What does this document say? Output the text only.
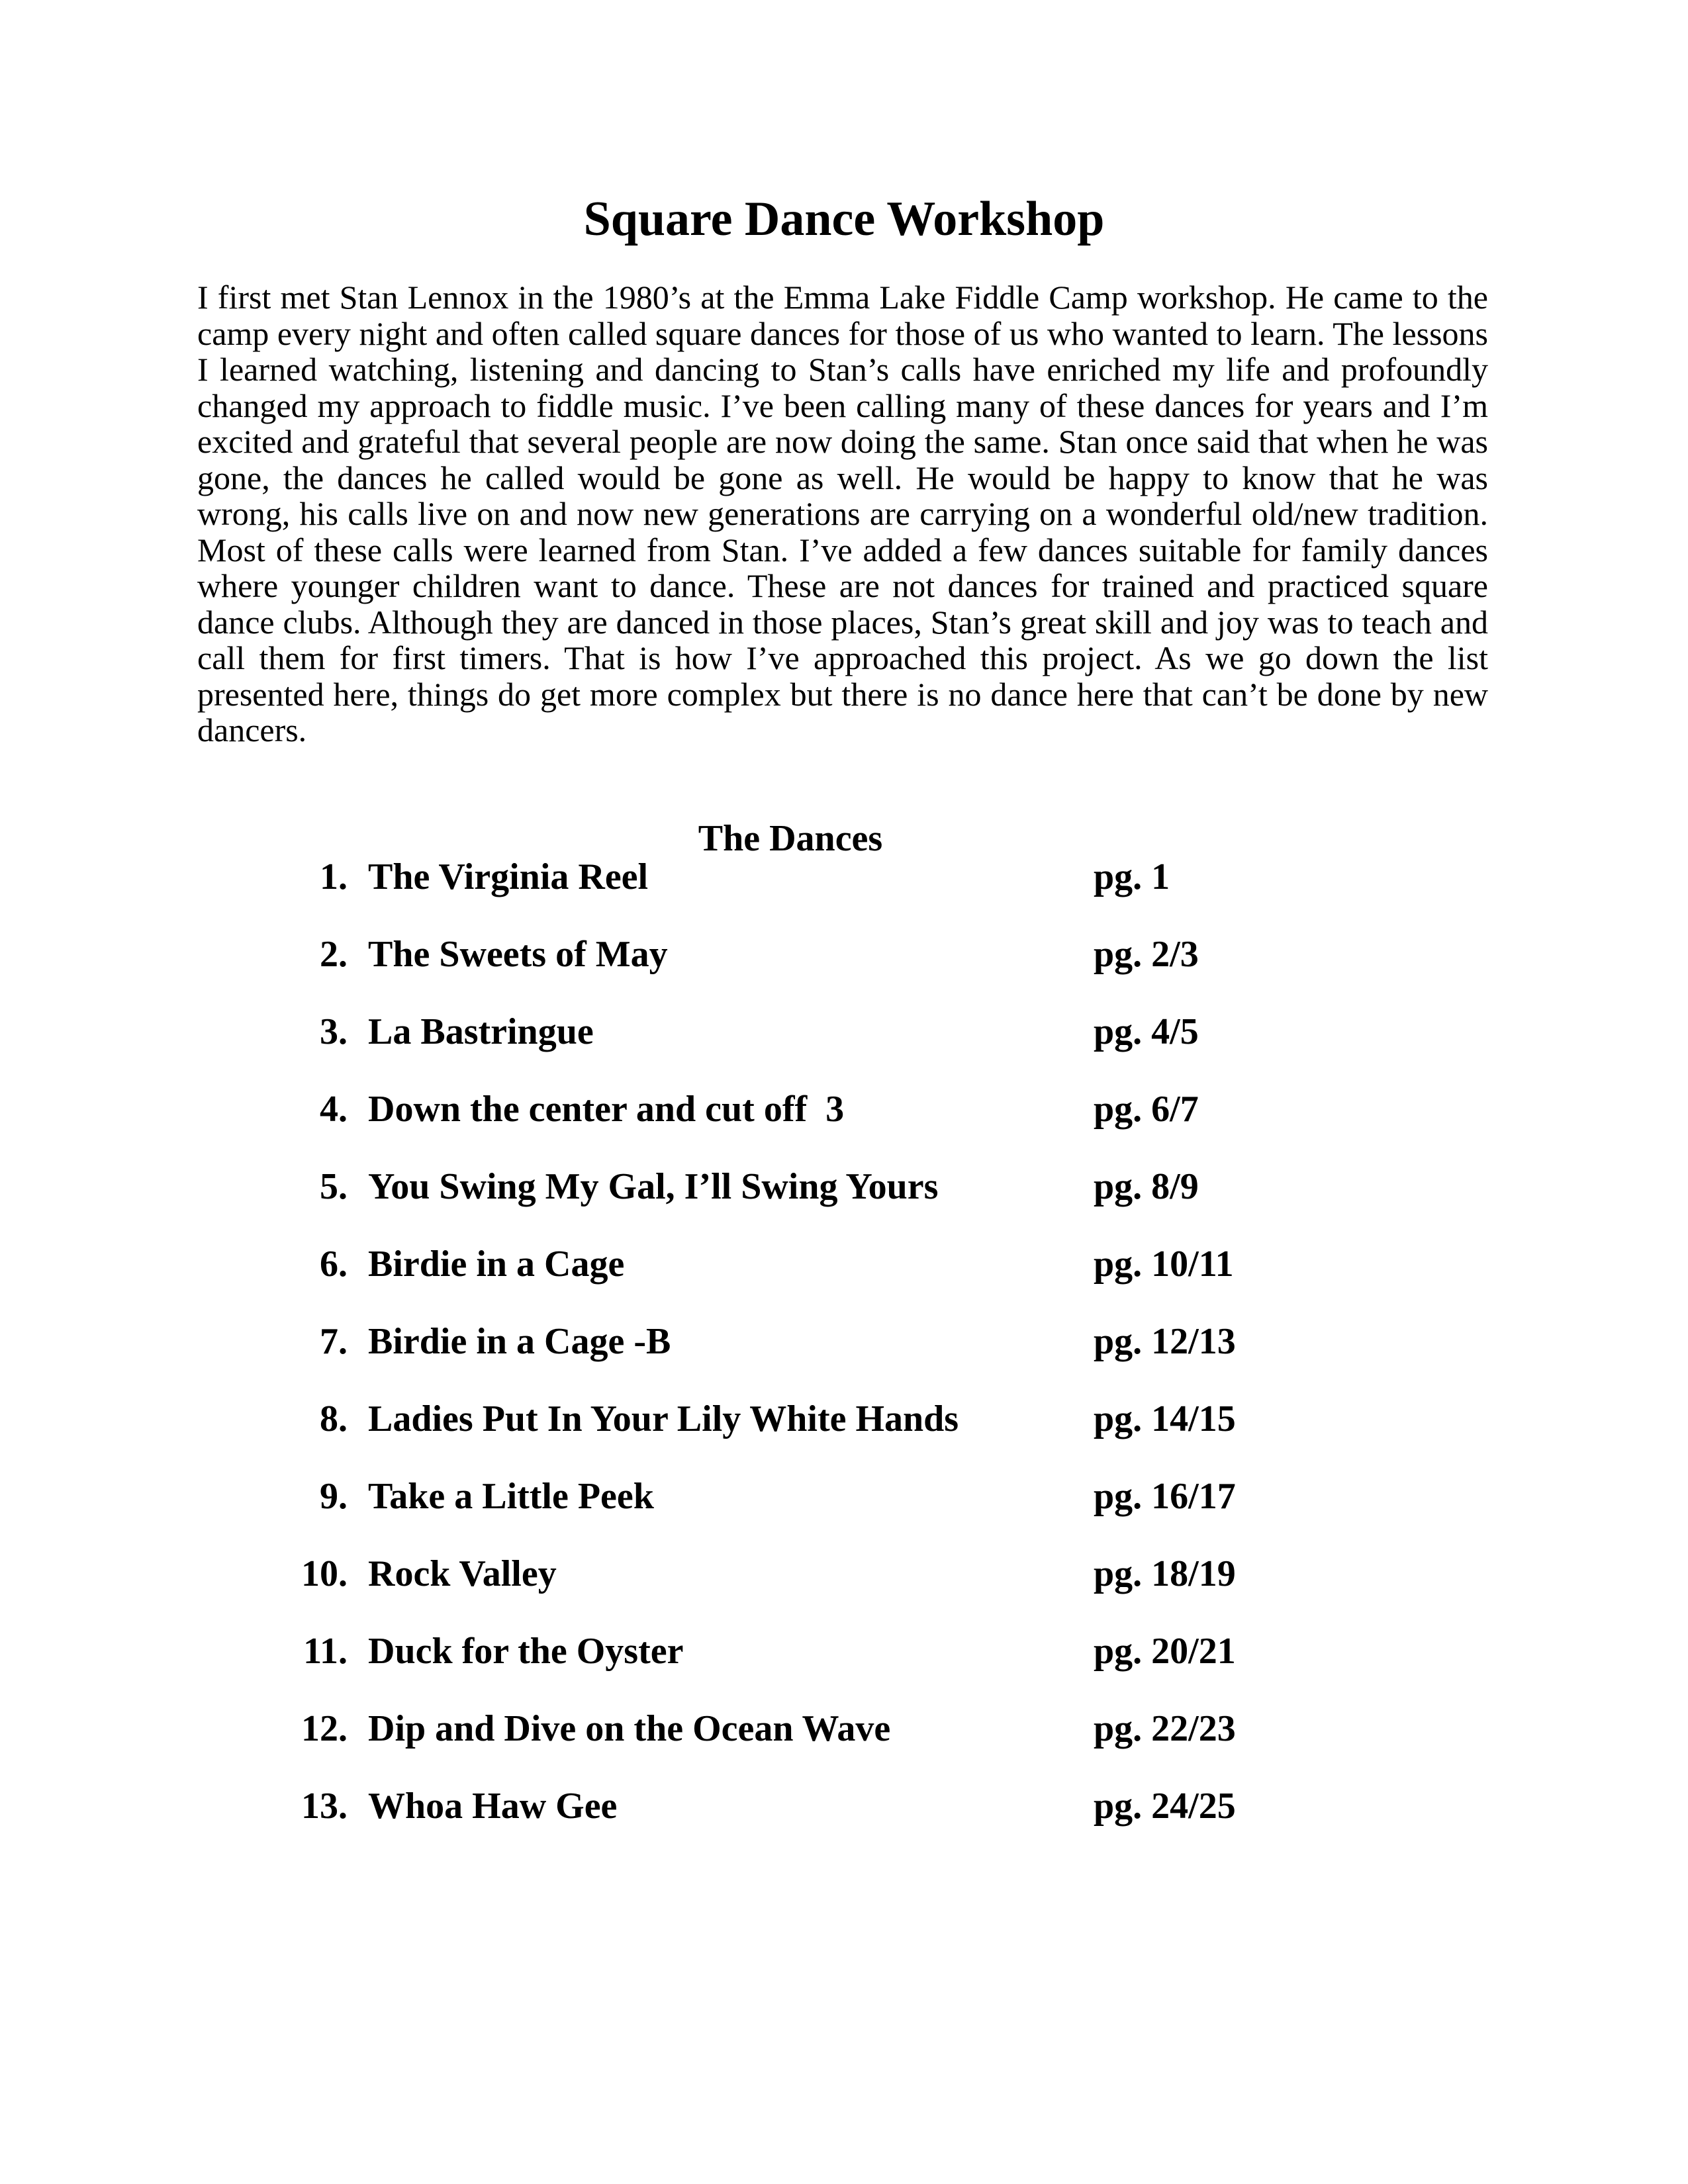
Square Dance Workshop

I first met Stan Lennox in the 1980’s at the Emma Lake Fiddle Camp workshop. He came to the camp every night and often called square dances for those of us who wanted to learn. The lessons I learned watching, listening and dancing to Stan’s calls have enriched my life and profoundly changed my approach to fiddle music. I’ve been calling many of these dances for years and I’m excited and grateful that several people are now doing the same. Stan once said that when he was gone, the dances he called would be gone as well. He would be happy to know that he was wrong, his calls live on and now new generations are carrying on a wonderful old/new tradition. Most of these calls were learned from Stan. I’ve added a few dances suitable for family dances where younger children want to dance. These are not dances for trained and practiced square dance clubs. Although they are danced in those places, Stan’s great skill and joy was to teach and call them for first timers. That is how I’ve approached this project. As we go down the list presented here, things do get more complex but there is no dance here that can’t be done by new dancers.

The Dances
1. The Virginia Reel	pg. 1
2. The Sweets of May	pg. 2/3
3. La Bastringue	pg. 4/5
4. Down the center and cut off  3	pg. 6/7
5. You Swing My Gal, I’ll Swing Yours	pg. 8/9
6. Birdie in a Cage	pg. 10/11
7. Birdie in a Cage -B	pg. 12/13
8. Ladies Put In Your Lily White Hands	pg. 14/15
9. Take a Little Peek	pg. 16/17
10. Rock Valley	pg. 18/19
11. Duck for the Oyster	pg. 20/21
12. Dip and Dive on the Ocean Wave	pg. 22/23
13. Whoa Haw Gee	pg. 24/25
